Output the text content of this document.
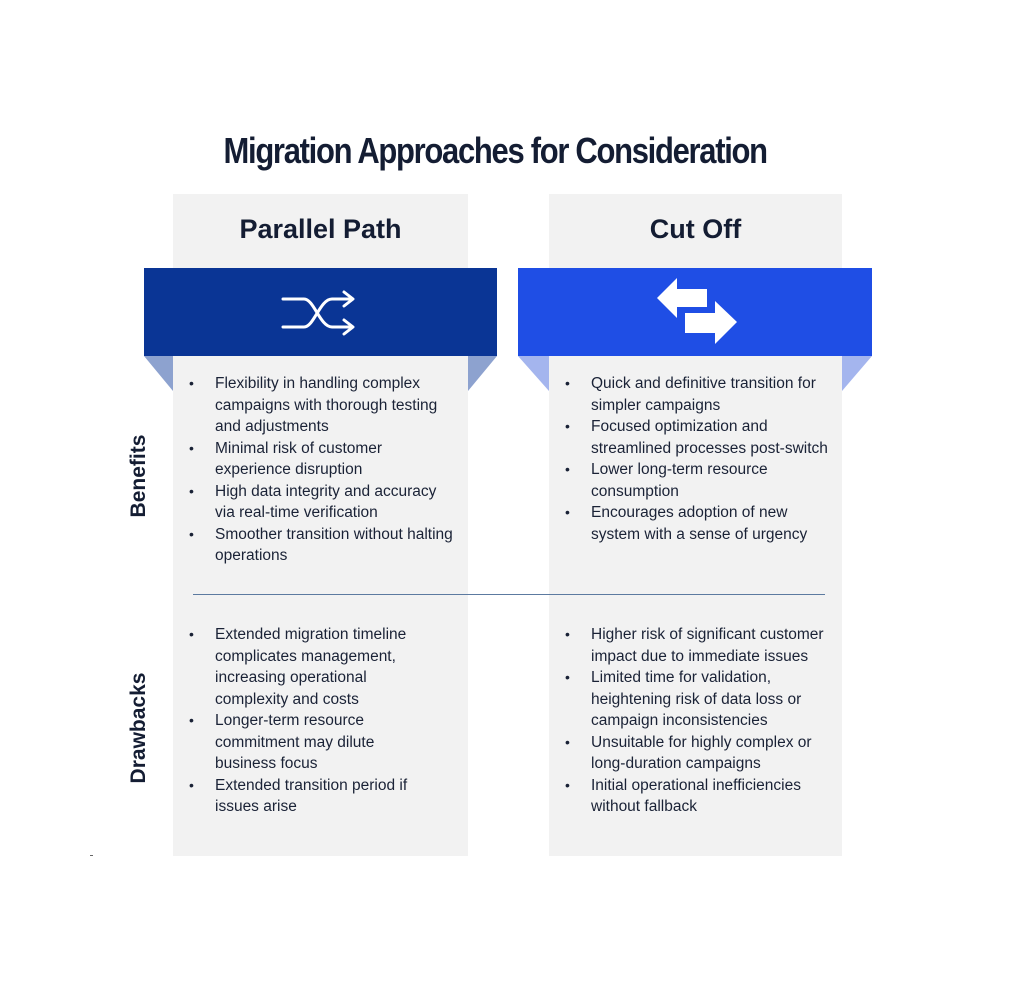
Migration Approaches for Consideration
Parallel Path	Cut Off
Benefits
Drawbacks
• Flexibility in handling complex campaigns with thorough testing and adjustments
• Minimal risk of customer experience disruption
• High data integrity and accuracy via real-time verification
• Smoother transition without halting operations
• Quick and definitive transition for simpler campaigns
• Focused optimization and streamlined processes post-switch
• Lower long-term resource consumption
• Encourages adoption of new system with a sense of urgency
• Extended migration timeline complicates management, increasing operational complexity and costs
• Longer-term resource commitment may dilute business focus
• Extended transition period if issues arise
• Higher risk of significant customer impact due to immediate issues
• Limited time for validation, heightening risk of data loss or campaign inconsistencies
• Unsuitable for highly complex or long-duration campaigns
• Initial operational inefficiencies without fallback
